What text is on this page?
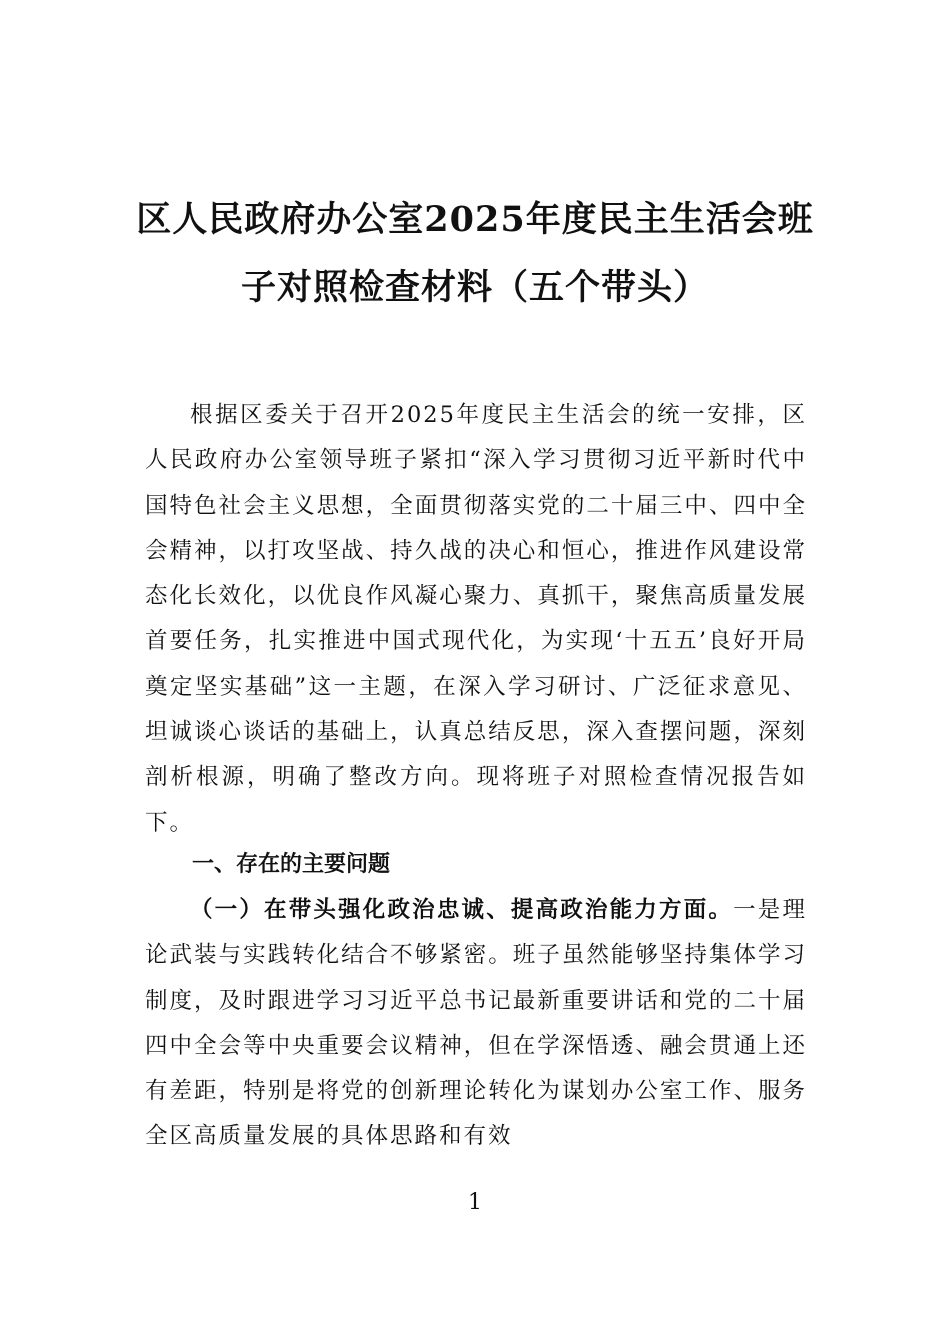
区人民政府办公室2025年度民主生活会班
子对照检查材料（五个带头）

根据区委关于召开2025年度民主生活会的统一安排，区人民政府办公室领导班子紧扣“深入学习贯彻习近平新时代中国特色社会主义思想，全面贯彻落实党的二十届三中、四中全会精神，以打攻坚战、持久战的决心和恒心，推进作风建设常态化长效化，以优良作风凝心聚力、真抓干，聚焦高质量发展首要任务，扎实推进中国式现代化，为实现‘十五五’良好开局奠定坚实基础”这一主题，在深入学习研讨、广泛征求意见、坦诚谈心谈话的基础上，认真总结反思，深入查摆问题，深刻剖析根源，明确了整改方向。现将班子对照检查情况报告如下。

一、存在的主要问题

（一）在带头强化政治忠诚、提高政治能力方面。一是理论武装与实践转化结合不够紧密。班子虽然能够坚持集体学习制度，及时跟进学习习近平总书记最新重要讲话和党的二十届四中全会等中央重要会议精神，但在学深悟透、融会贯通上还有差距，特别是将党的创新理论转化为谋划办公室工作、服务全区高质量发展的具体思路和有效

1
